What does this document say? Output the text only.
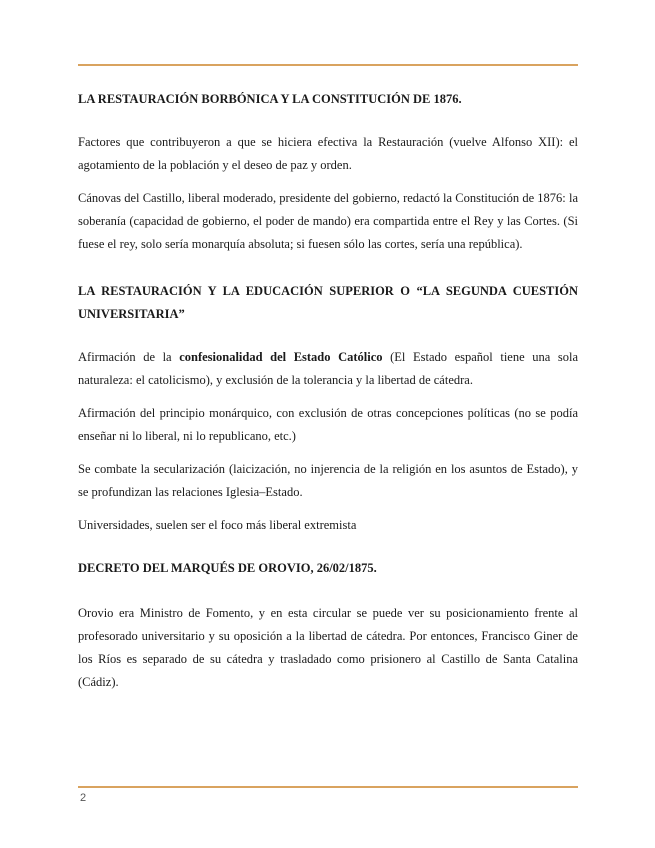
LA RESTAURACIÓN BORBÓNICA Y LA CONSTITUCIÓN DE 1876.

Factores que contribuyeron a que se hiciera efectiva la Restauración (vuelve Alfonso XII): el agotamiento de la población y el deseo de paz y orden.

Cánovas del Castillo, liberal moderado, presidente del gobierno, redactó la Constitución de 1876: la soberanía (capacidad de gobierno, el poder de mando) era compartida entre el Rey y las Cortes. (Si fuese el rey, solo sería monarquía absoluta; si fuesen sólo las cortes, sería una república).

LA RESTAURACIÓN Y LA EDUCACIÓN SUPERIOR O “LA SEGUNDA CUESTIÓN UNIVERSITARIA”

Afirmación de la confesionalidad del Estado Católico (El Estado español tiene una sola naturaleza: el catolicismo), y exclusión de la tolerancia y la libertad de cátedra.

Afirmación del principio monárquico, con exclusión de otras concepciones políticas (no se podía enseñar ni lo liberal, ni lo republicano, etc.)

Se combate la secularización (laicización, no injerencia de la religión en los asuntos de Estado), y se profundizan las relaciones Iglesia–Estado.

Universidades, suelen ser el foco más liberal extremista

DECRETO DEL MARQUÉS DE OROVIO, 26/02/1875.

Orovio era Ministro de Fomento, y en esta circular se puede ver su posicionamiento frente al profesorado universitario y su oposición a la libertad de cátedra. Por entonces, Francisco Giner de los Ríos es separado de su cátedra y trasladado como prisionero al Castillo de Santa Catalina (Cádiz).

2
